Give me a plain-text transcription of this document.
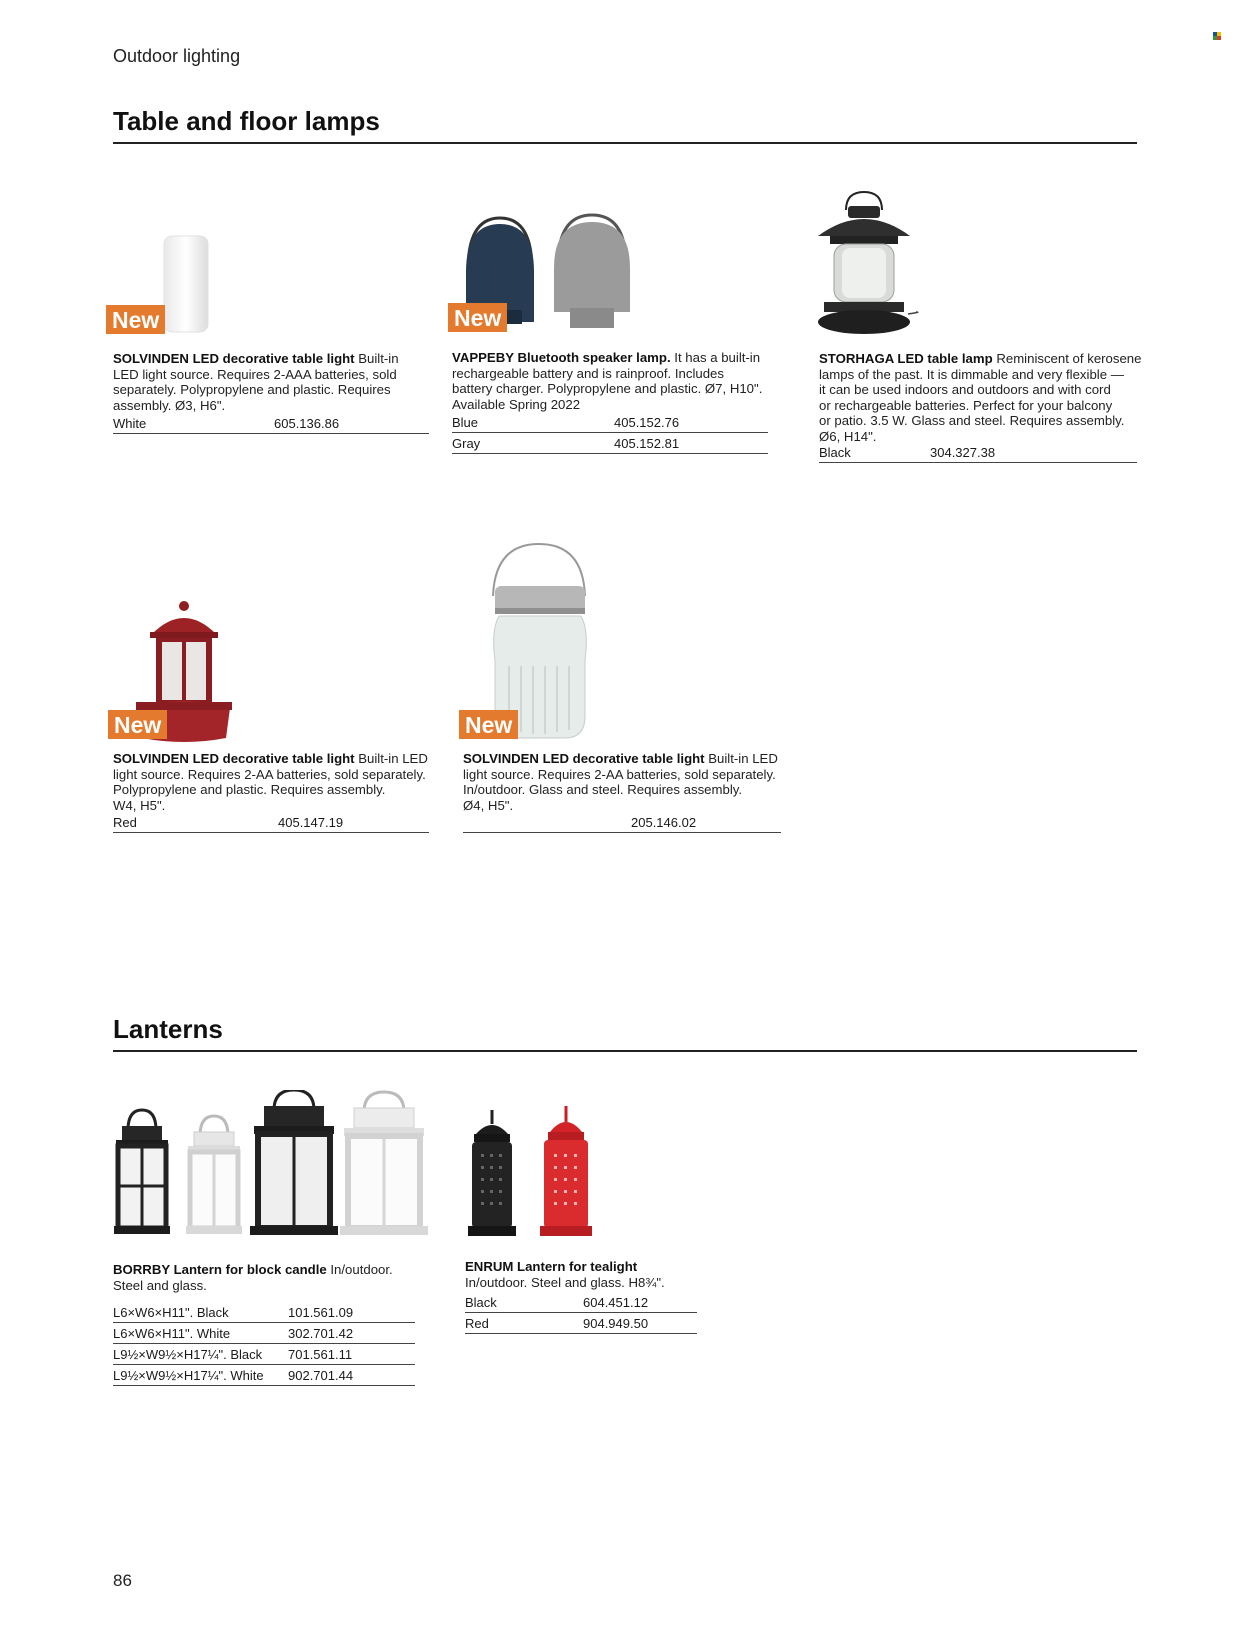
Outdoor lighting
Table and floor lamps
New
SOLVINDEN LED decorative table light Built-in
LED light source. Requires 2-AAA batteries, sold
separately. Polypropylene and plastic. Requires
assembly. Ø3, H6".
White	605.136.86
New
VAPPEBY Bluetooth speaker lamp. It has a built-in
rechargeable battery and is rainproof. Includes
battery charger. Polypropylene and plastic. Ø7, H10".
Available Spring 2022
Blue	405.152.76
Gray	405.152.81
STORHAGA LED table lamp Reminiscent of kerosene
lamps of the past. It is dimmable and very flexible —
it can be used indoors and outdoors and with cord
or rechargeable batteries. Perfect for your balcony
or patio. 3.5 W. Glass and steel. Requires assembly.
Ø6, H14".
Black	304.327.38
New
SOLVINDEN LED decorative table light Built-in LED
light source. Requires 2-AA batteries, sold separately.
Polypropylene and plastic. Requires assembly.
W4, H5".
Red	405.147.19
New
SOLVINDEN LED decorative table light Built-in LED
light source. Requires 2-AA batteries, sold separately.
In/outdoor. Glass and steel. Requires assembly.
Ø4, H5".
205.146.02
Lanterns
BORRBY Lantern for block candle In/outdoor.
Steel and glass.
L6×W6×H11". Black	101.561.09
L6×W6×H11". White	302.701.42
L9½×W9½×H17¼". Black 701.561.11
L9½×W9½×H17¼". White 902.701.44
ENRUM Lantern for tealight
In/outdoor. Steel and glass. H8¾".
Black	604.451.12
Red	904.949.50
86
